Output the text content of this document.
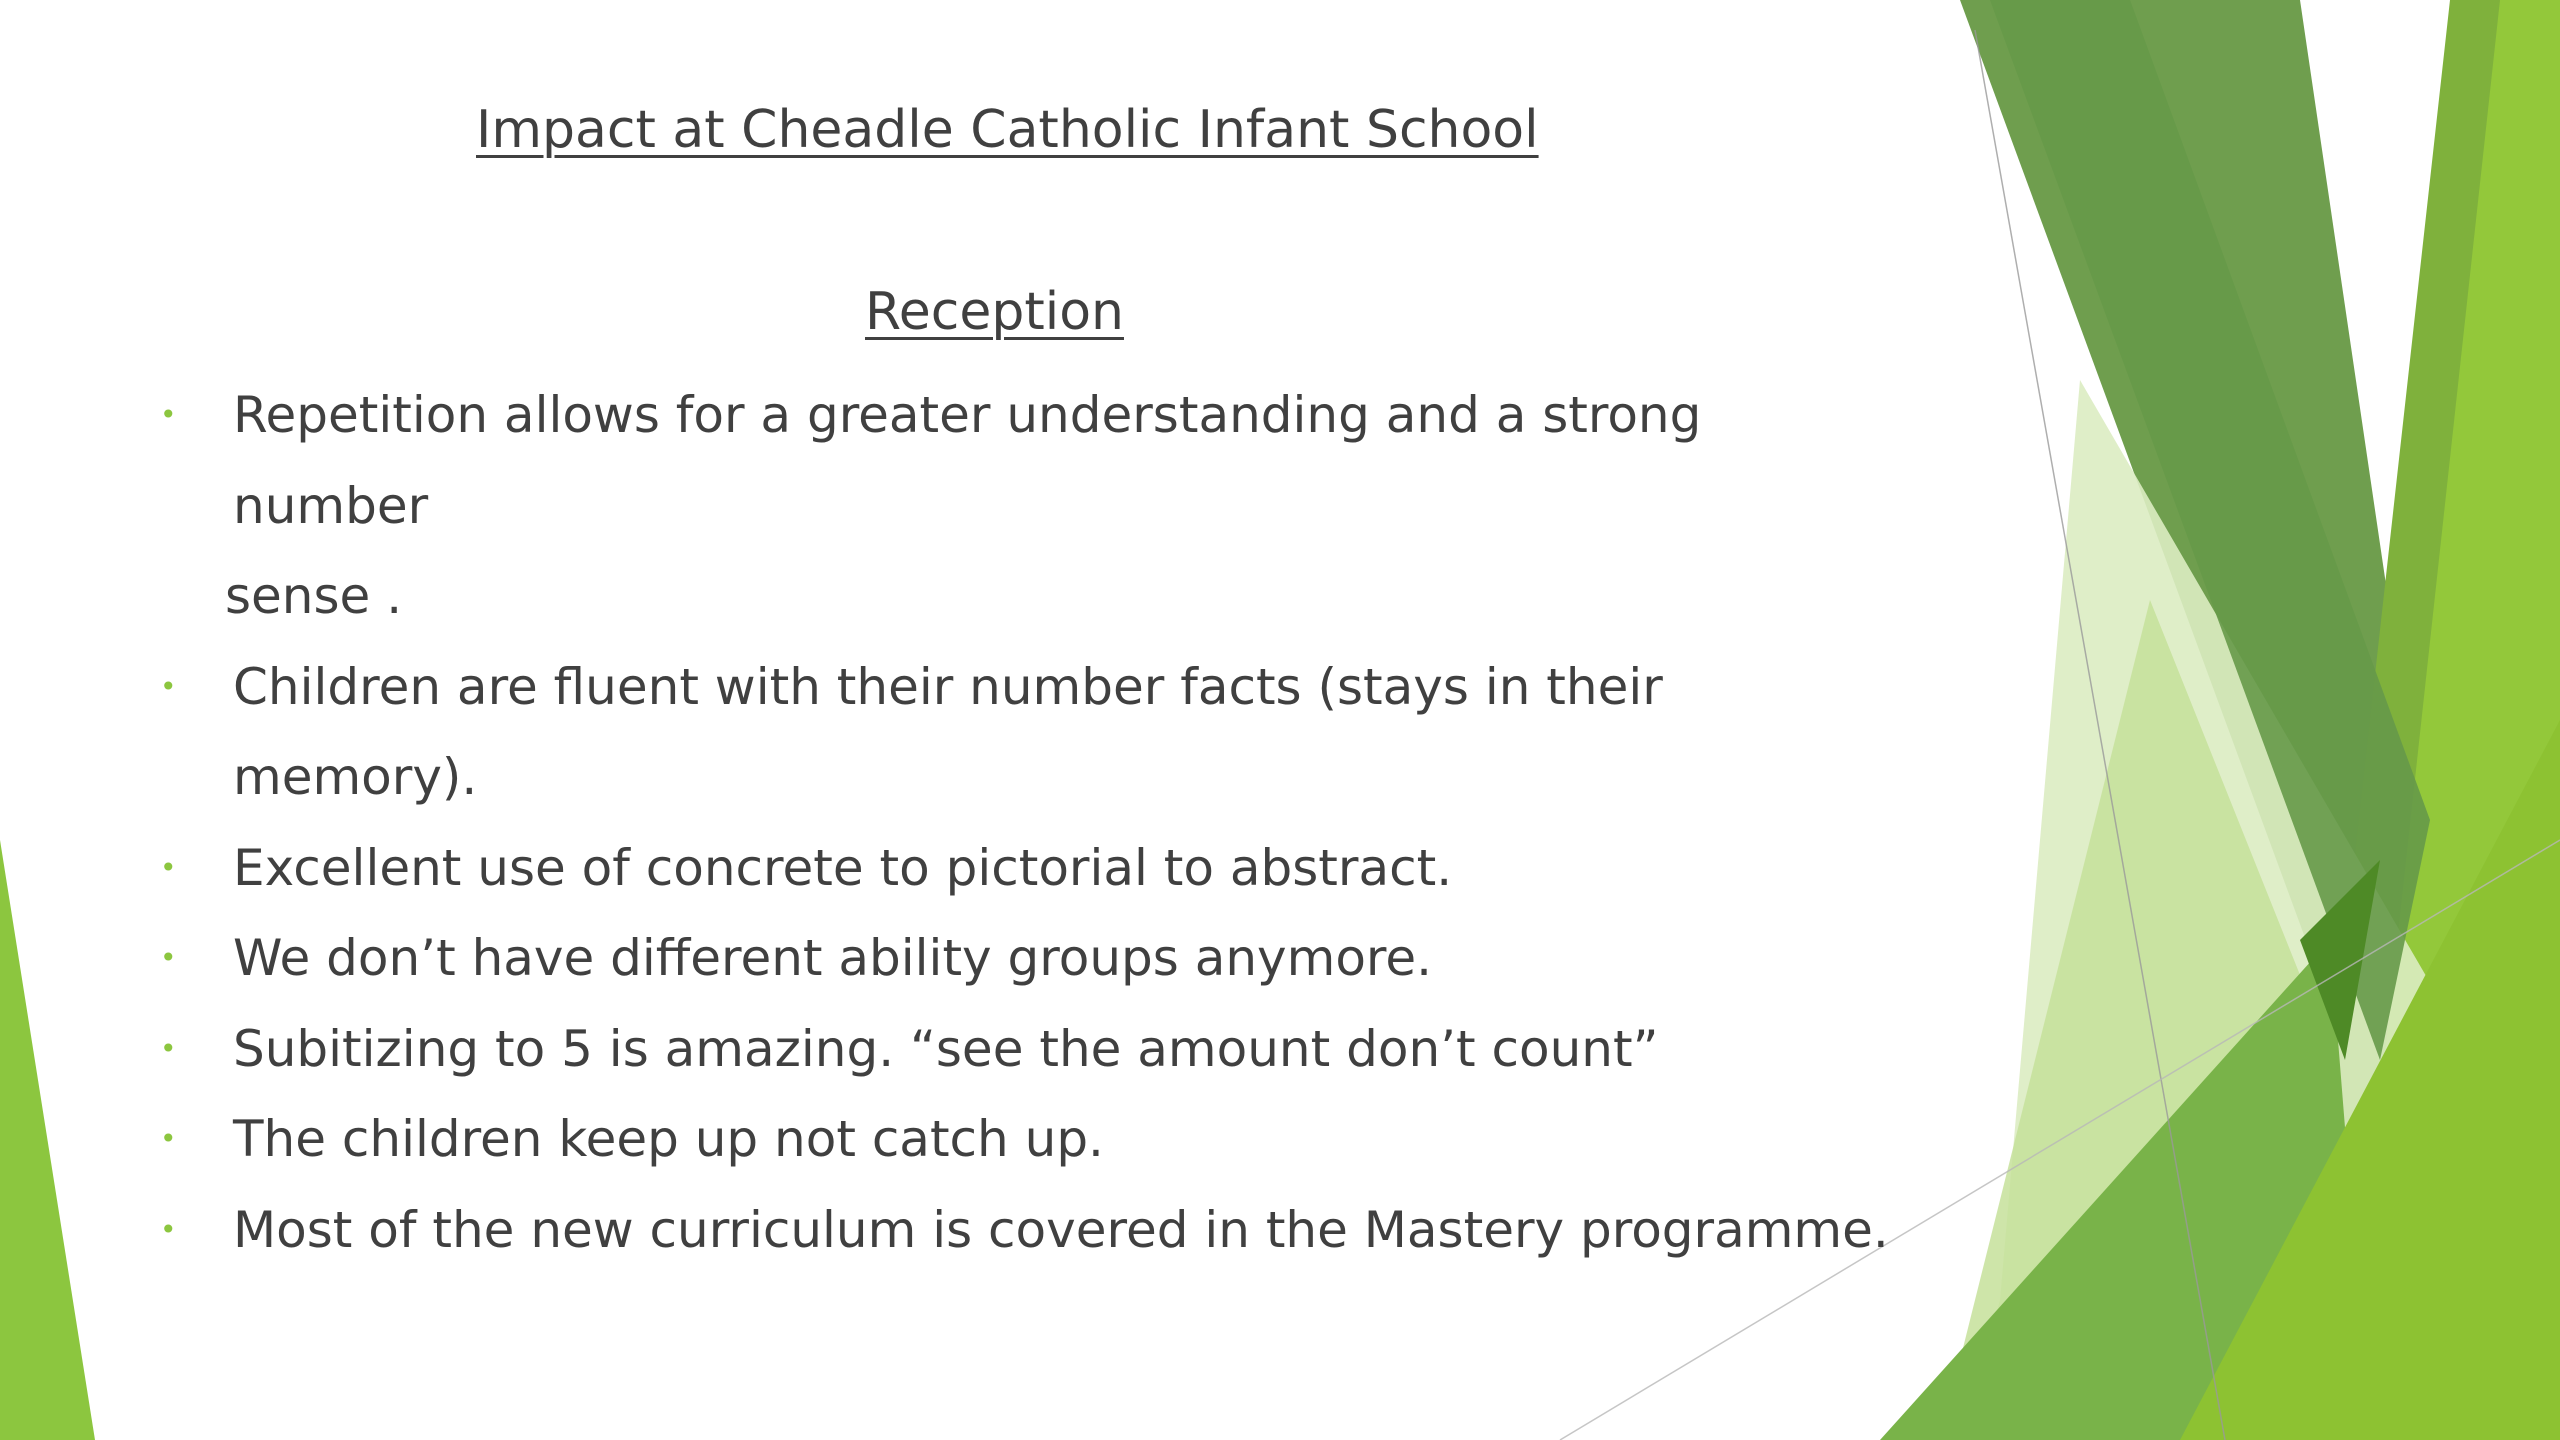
Impact at Cheadle Catholic Infant School
Reception
• Repetition allows for a greater understanding and a strong number
sense .
• Children are fluent with their number facts (stays in their memory).
• Excellent use of concrete to pictorial to abstract.
• We don’t have different ability groups anymore.
• Subitizing to 5 is amazing. “see the amount don’t count”
• The children keep up not catch up.
• Most of the new curriculum is covered in the Mastery programme.
